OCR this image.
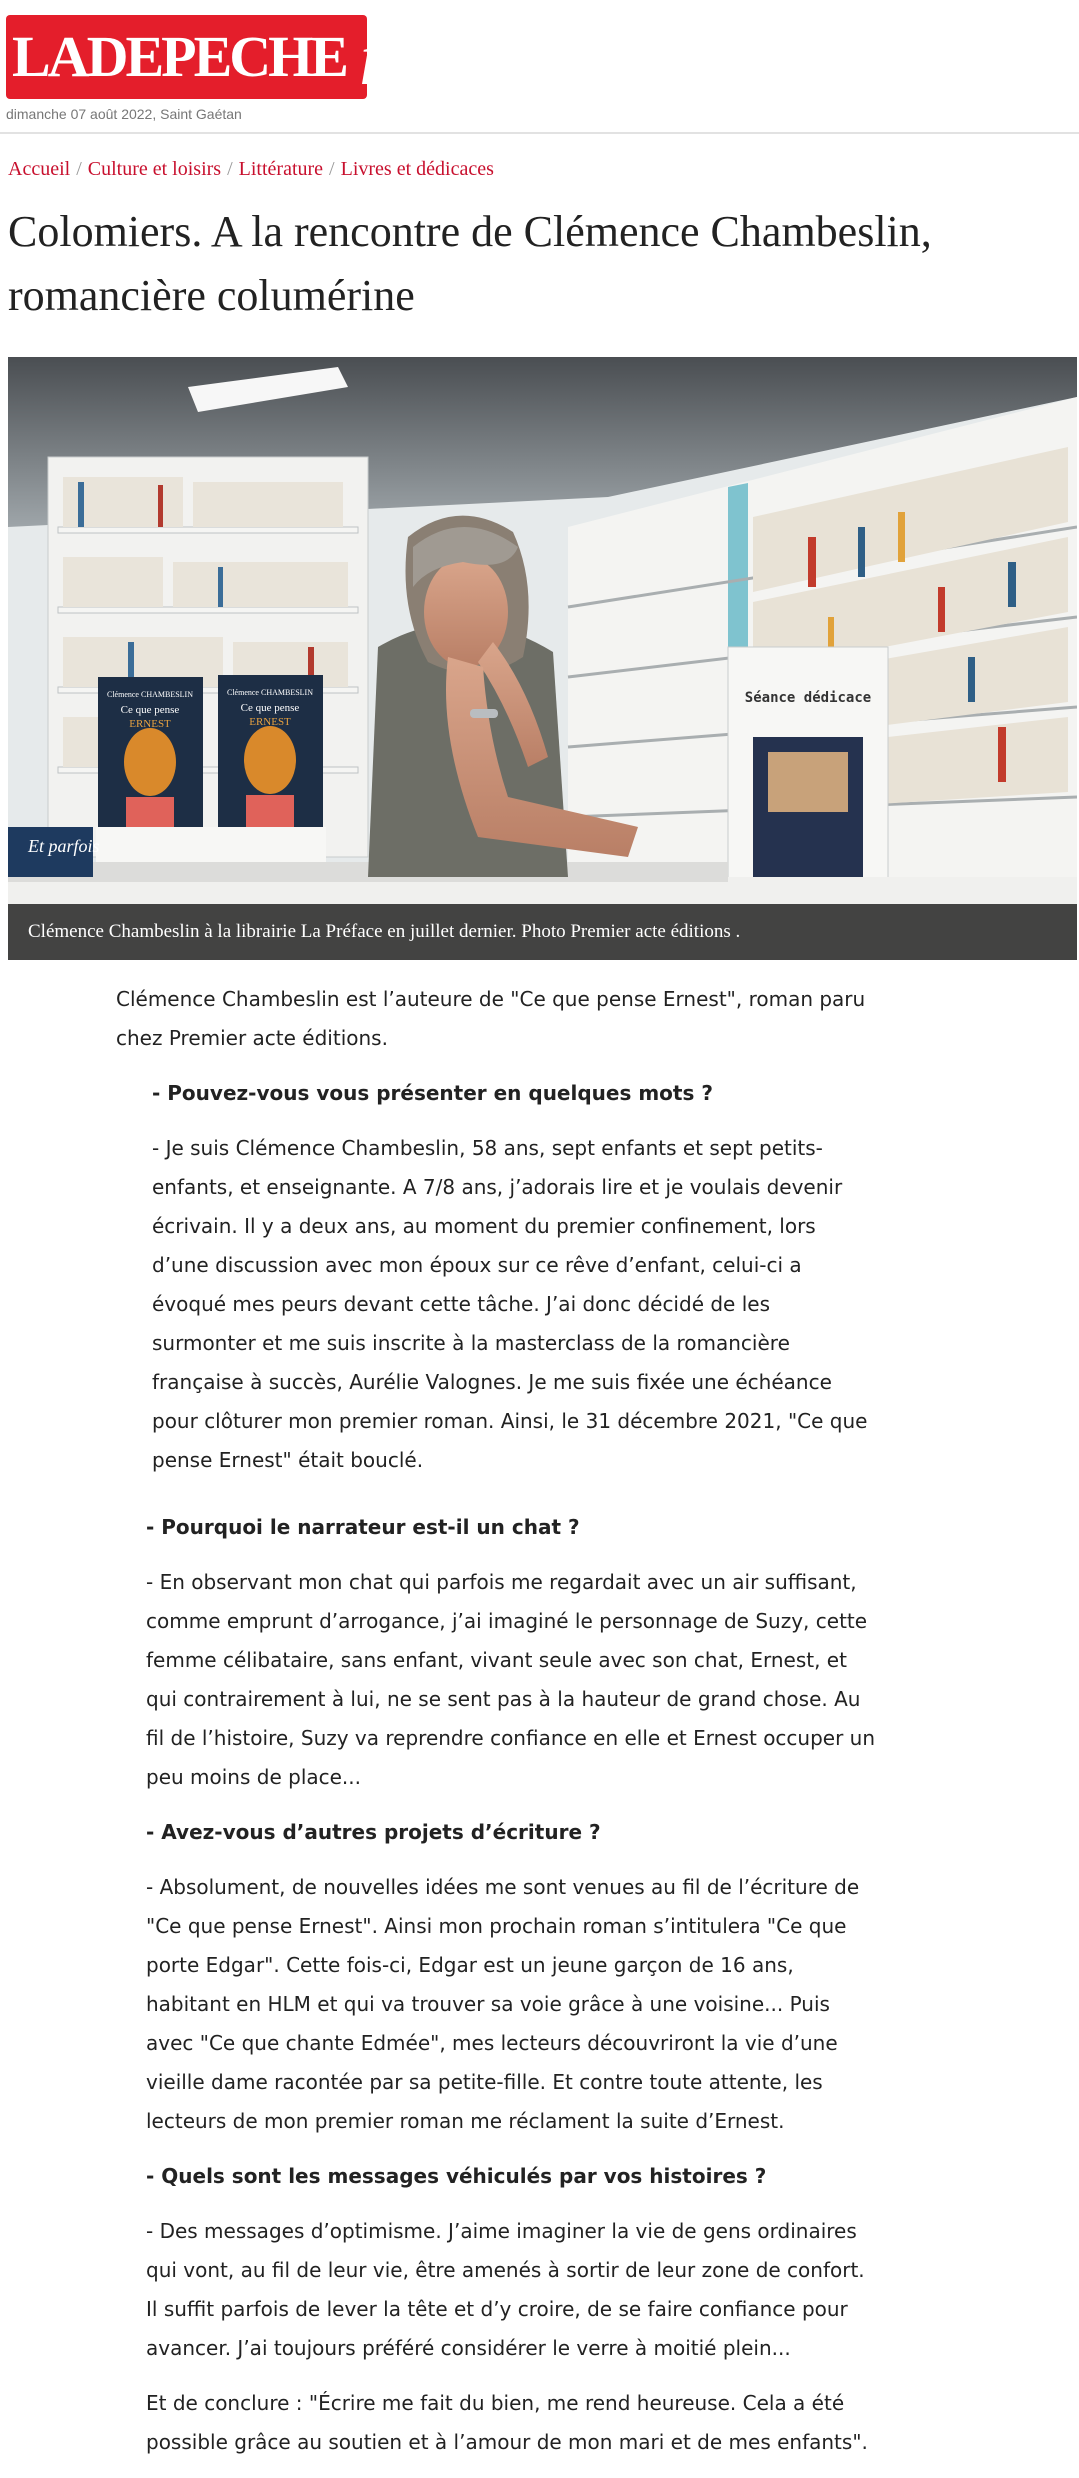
LADEPECHE fr
dimanche 07 août 2022, Saint Gaétan
Accueil / Culture et loisirs / Littérature / Livres et dédicaces
Colomiers. A la rencontre de Clémence Chambeslin, romancière columérine
Séance dédicace
Clémence CHAMBESLIN
Ce que pense
ERNEST
Clémence CHAMBESLIN
Ce que pense
ERNEST
Et parfois
Clémence Chambeslin à la librairie La Préface en juillet dernier. Photo Premier acte éditions .

Clémence Chambeslin est l’auteure de "Ce que pense Ernest", roman paru chez Premier acte éditions.

- Pouvez-vous vous présenter en quelques mots ?

- Je suis Clémence Chambeslin, 58 ans, sept enfants et sept petits-enfants, et enseignante. A 7/8 ans, j’adorais lire et je voulais devenir écrivain. Il y a deux ans, au moment du premier confinement, lors d’une discussion avec mon époux sur ce rêve d’enfant, celui-ci a évoqué mes peurs devant cette tâche. J’ai donc décidé de les surmonter et me suis inscrite à la masterclass de la romancière française à succès, Aurélie Valognes. Je me suis fixée une échéance pour clôturer mon premier roman. Ainsi, le 31 décembre 2021, "Ce que pense Ernest" était bouclé.

- Pourquoi le narrateur est-il un chat ?

- En observant mon chat qui parfois me regardait avec un air suffisant, comme emprunt d’arrogance, j’ai imaginé le personnage de Suzy, cette femme célibataire, sans enfant, vivant seule avec son chat, Ernest, et qui contrairement à lui, ne se sent pas à la hauteur de grand chose. Au fil de l’histoire, Suzy va reprendre confiance en elle et Ernest occuper un peu moins de place...

- Avez-vous d’autres projets d’écriture ?

- Absolument, de nouvelles idées me sont venues au fil de l’écriture de "Ce que pense Ernest". Ainsi mon prochain roman s’intitulera "Ce que porte Edgar". Cette fois-ci, Edgar est un jeune garçon de 16 ans, habitant en HLM et qui va trouver sa voie grâce à une voisine... Puis avec "Ce que chante Edmée", mes lecteurs découvriront la vie d’une vieille dame racontée par sa petite-fille. Et contre toute attente, les lecteurs de mon premier roman me réclament la suite d’Ernest.

- Quels sont les messages véhiculés par vos histoires ?

- Des messages d’optimisme. J’aime imaginer la vie de gens ordinaires qui vont, au fil de leur vie, être amenés à sortir de leur zone de confort. Il suffit parfois de lever la tête et d’y croire, de se faire confiance pour avancer. J’ai toujours préféré considérer le verre à moitié plein...

Et de conclure : "Écrire me fait du bien, me rend heureuse. Cela a été possible grâce au soutien et à l’amour de mon mari et de mes enfants".
